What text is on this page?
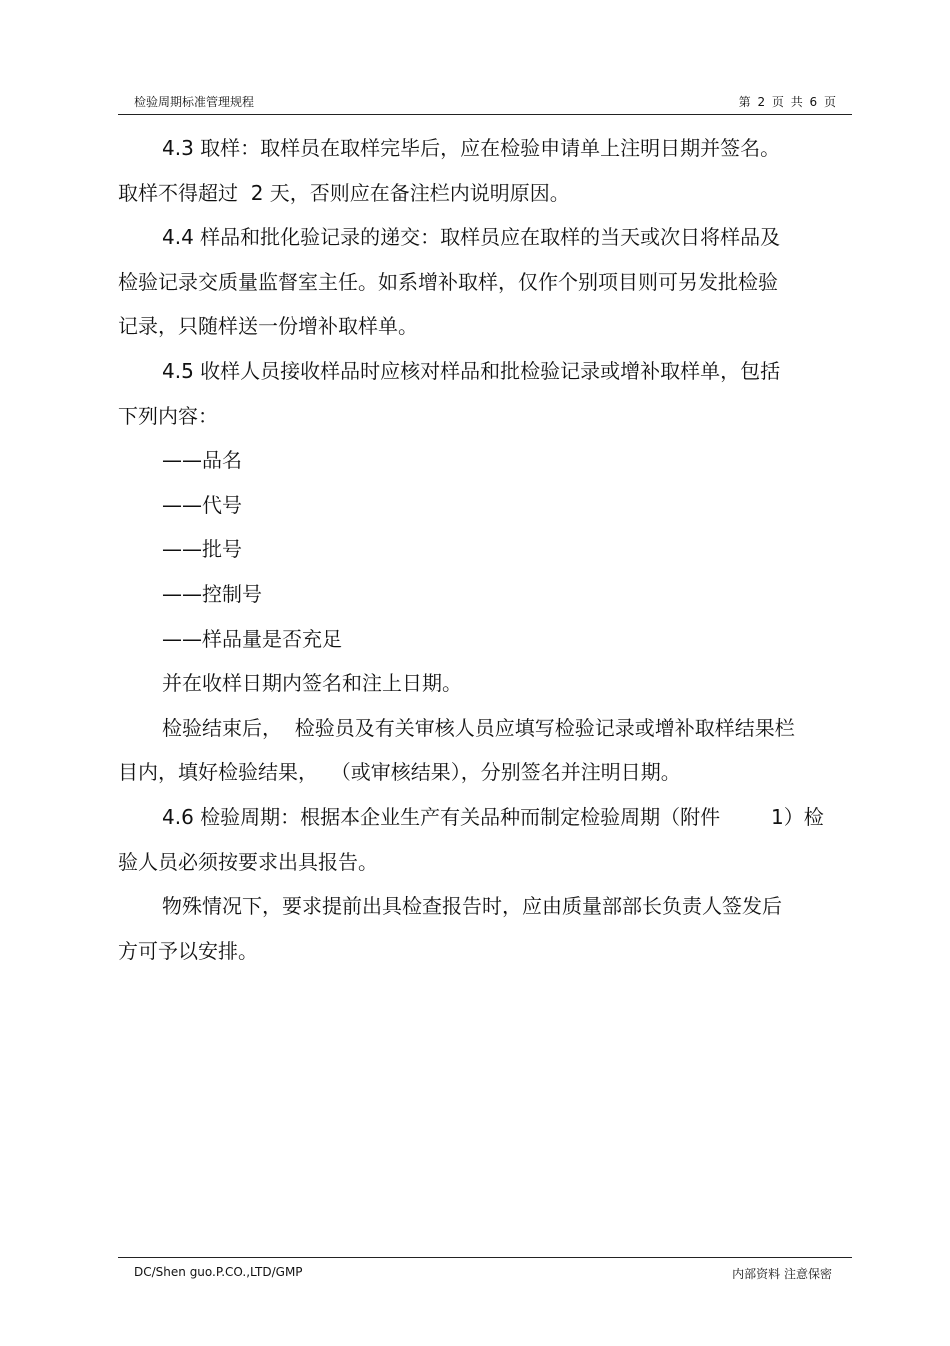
检验周期标准管理规程	第 2 页 共 6 页

4.3 取样：取样员在取样完毕后，应在检验申请单上注明日期并签名。

取样不得超过  2 天，否则应在备注栏内说明原因。

4.4 样品和批化验记录的递交：取样员应在取样的当天或次日将样品及

检验记录交质量监督室主任。如系增补取样，仅作个别项目则可另发批检验

记录，只随样送一份增补取样单。

4.5 收样人员接收样品时应核对样品和批检验记录或增补取样单，包括

下列内容：

——品名

——代号

——批号

——控制号

——样品量是否充足

并在收样日期内签名和注上日期。

检验结束后，  检验员及有关审核人员应填写检验记录或增补取样结果栏

目内，填好检验结果，  （或审核结果），分别签名并注明日期。

4.6 检验周期：根据本企业生产有关品种而制定检验周期（附件        1）检

验人员必须按要求出具报告。

物殊情况下，要求提前出具检查报告时，应由质量部部长负责人签发后

方可予以安排。

DC/Shen guo.P.CO.,LTD/GMP	内部资料 注意保密
